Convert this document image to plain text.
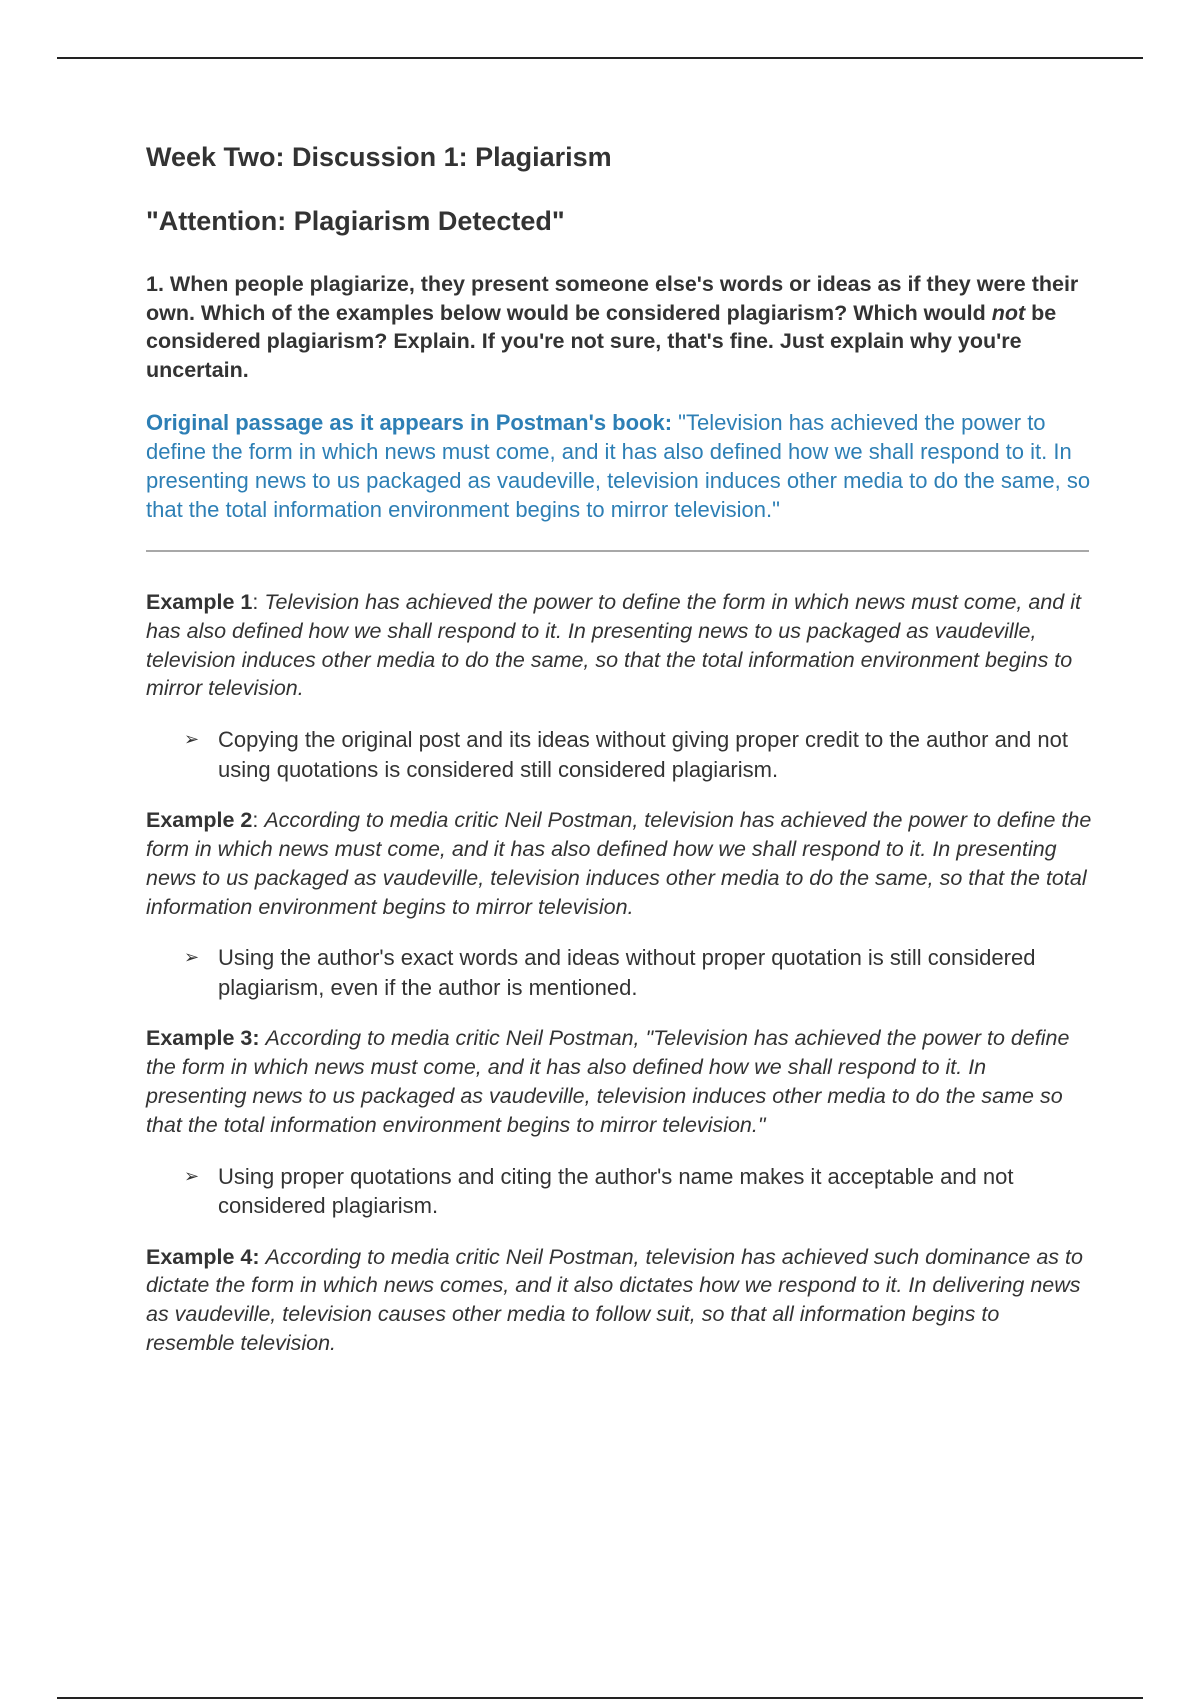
Week Two: Discussion 1: Plagiarism
"Attention: Plagiarism Detected"

1. When people plagiarize, they present someone else's words or ideas as if they were their own. Which of the examples below would be considered plagiarism? Which would not be considered plagiarism? Explain. If you're not sure, that's fine. Just explain why you're uncertain.

Original passage as it appears in Postman's book: "Television has achieved the power to define the form in which news must come, and it has also defined how we shall respond to it. In presenting news to us packaged as vaudeville, television induces other media to do the same, so that the total information environment begins to mirror television."

Example 1: Television has achieved the power to define the form in which news must come, and it has also defined how we shall respond to it. In presenting news to us packaged as vaudeville, television induces other media to do the same, so that the total information environment begins to mirror television.

➢ Copying the original post and its ideas without giving proper credit to the author and not using quotations is considered still considered plagiarism.

Example 2: According to media critic Neil Postman, television has achieved the power to define the form in which news must come, and it has also defined how we shall respond to it. In presenting news to us packaged as vaudeville, television induces other media to do the same, so that the total information environment begins to mirror television.

➢ Using the author's exact words and ideas without proper quotation is still considered plagiarism, even if the author is mentioned.

Example 3: According to media critic Neil Postman, "Television has achieved the power to define the form in which news must come, and it has also defined how we shall respond to it. In presenting news to us packaged as vaudeville, television induces other media to do the same so that the total information environment begins to mirror television."

➢ Using proper quotations and citing the author's name makes it acceptable and not considered plagiarism.

Example 4: According to media critic Neil Postman, television has achieved such dominance as to dictate the form in which news comes, and it also dictates how we respond to it. In delivering news as vaudeville, television causes other media to follow suit, so that all information begins to resemble television.
